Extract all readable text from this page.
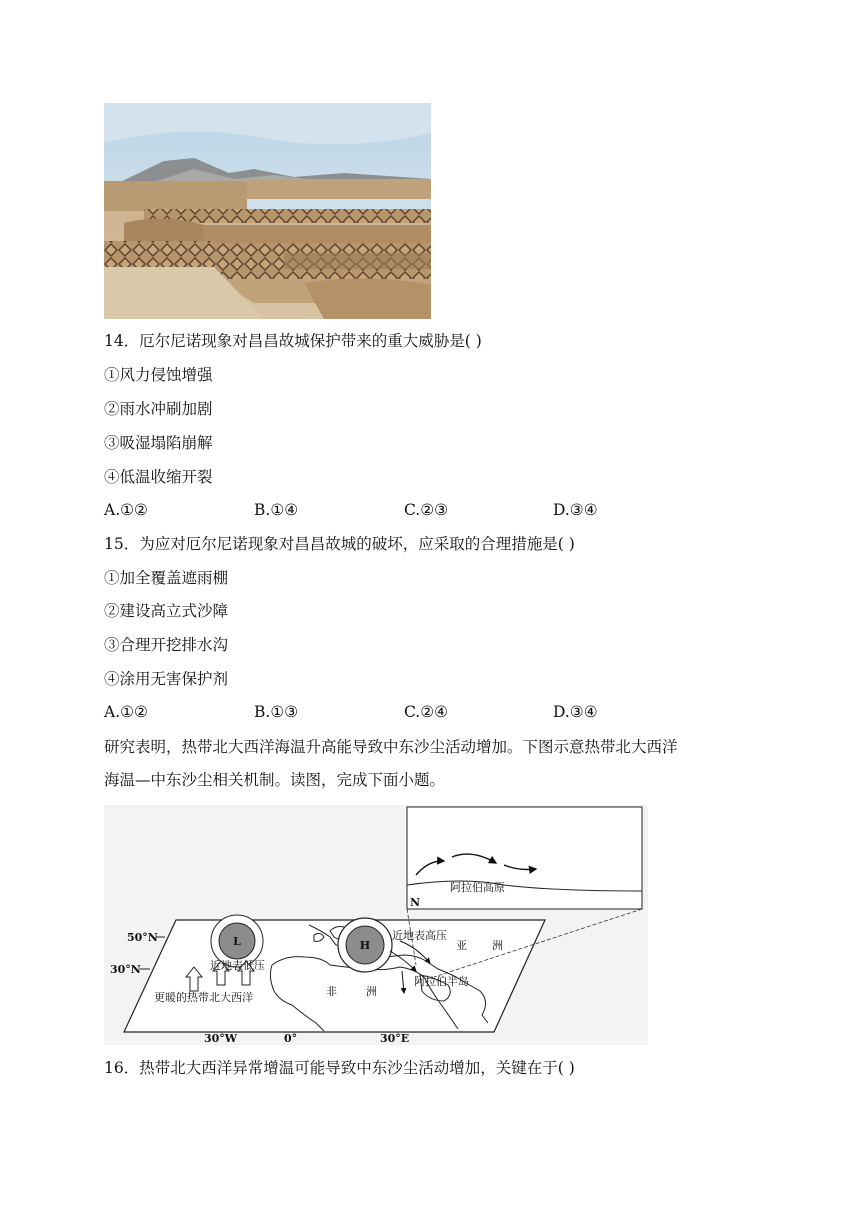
14．厄尔尼诺现象对昌昌故城保护带来的重大威胁是( )
①风力侵蚀增强
②雨水冲刷加剧
③吸湿塌陷崩解
④低温收缩开裂
A.①②	B.①④	C.②③	D.③④
15．为应对厄尔尼诺现象对昌昌故城的破坏，应采取的合理措施是( )
①加全覆盖遮雨棚
②建设高立式沙障
③合理开挖排水沟
④涂用无害保护剂
A.①②	B.①③	C.②④	D.③④
研究表明，热带北大西洋海温升高能导致中东沙尘活动增加。下图示意热带北大西洋
海温—中东沙尘相关机制。读图，完成下面小题。
L	H
50°N
30°N
30°W	0°	30°E
近地表低压
近地表高压
更暖的热带北大西洋	非	洲
亚 洲
阿拉伯半岛
阿拉伯高原
N
16．热带北大西洋异常增温可能导致中东沙尘活动增加，关键在于( )
